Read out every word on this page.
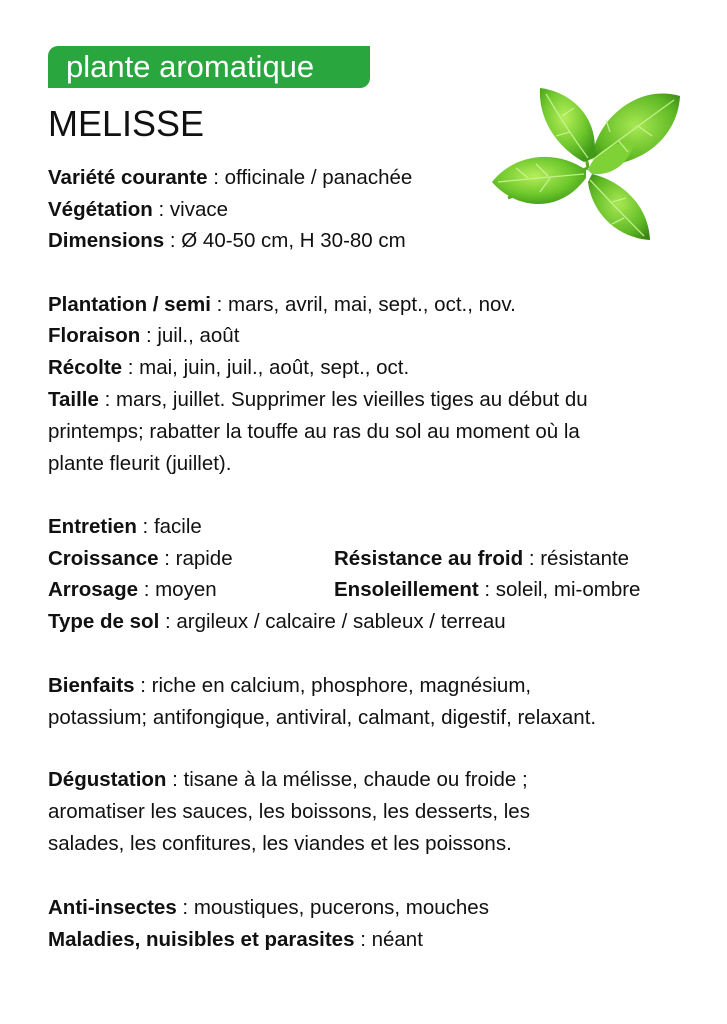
plante aromatique
MELISSE
Variété courante : officinale / panachée
Végétation : vivace
Dimensions : Ø 40-50 cm, H 30-80 cm
Plantation / semi : mars, avril, mai, sept., oct., nov.
Floraison : juil., août
Récolte : mai, juin, juil., août, sept., oct.
Taille : mars, juillet. Supprimer les vieilles tiges au début du
printemps; rabatter la touffe au ras du sol au moment où la
plante fleurit (juillet).
Entretien : facile
Croissance : rapide	Résistance au froid : résistante
Arrosage : moyen	Ensoleillement : soleil, mi-ombre
Type de sol : argileux / calcaire / sableux / terreau
Bienfaits : riche en calcium, phosphore, magnésium,
potassium; antifongique, antiviral, calmant, digestif, relaxant.
Dégustation : tisane à la mélisse, chaude ou froide ;
aromatiser les sauces, les boissons, les desserts, les
salades, les confitures, les viandes et les poissons.
Anti-insectes : moustiques, pucerons, mouches
Maladies, nuisibles et parasites : néant
